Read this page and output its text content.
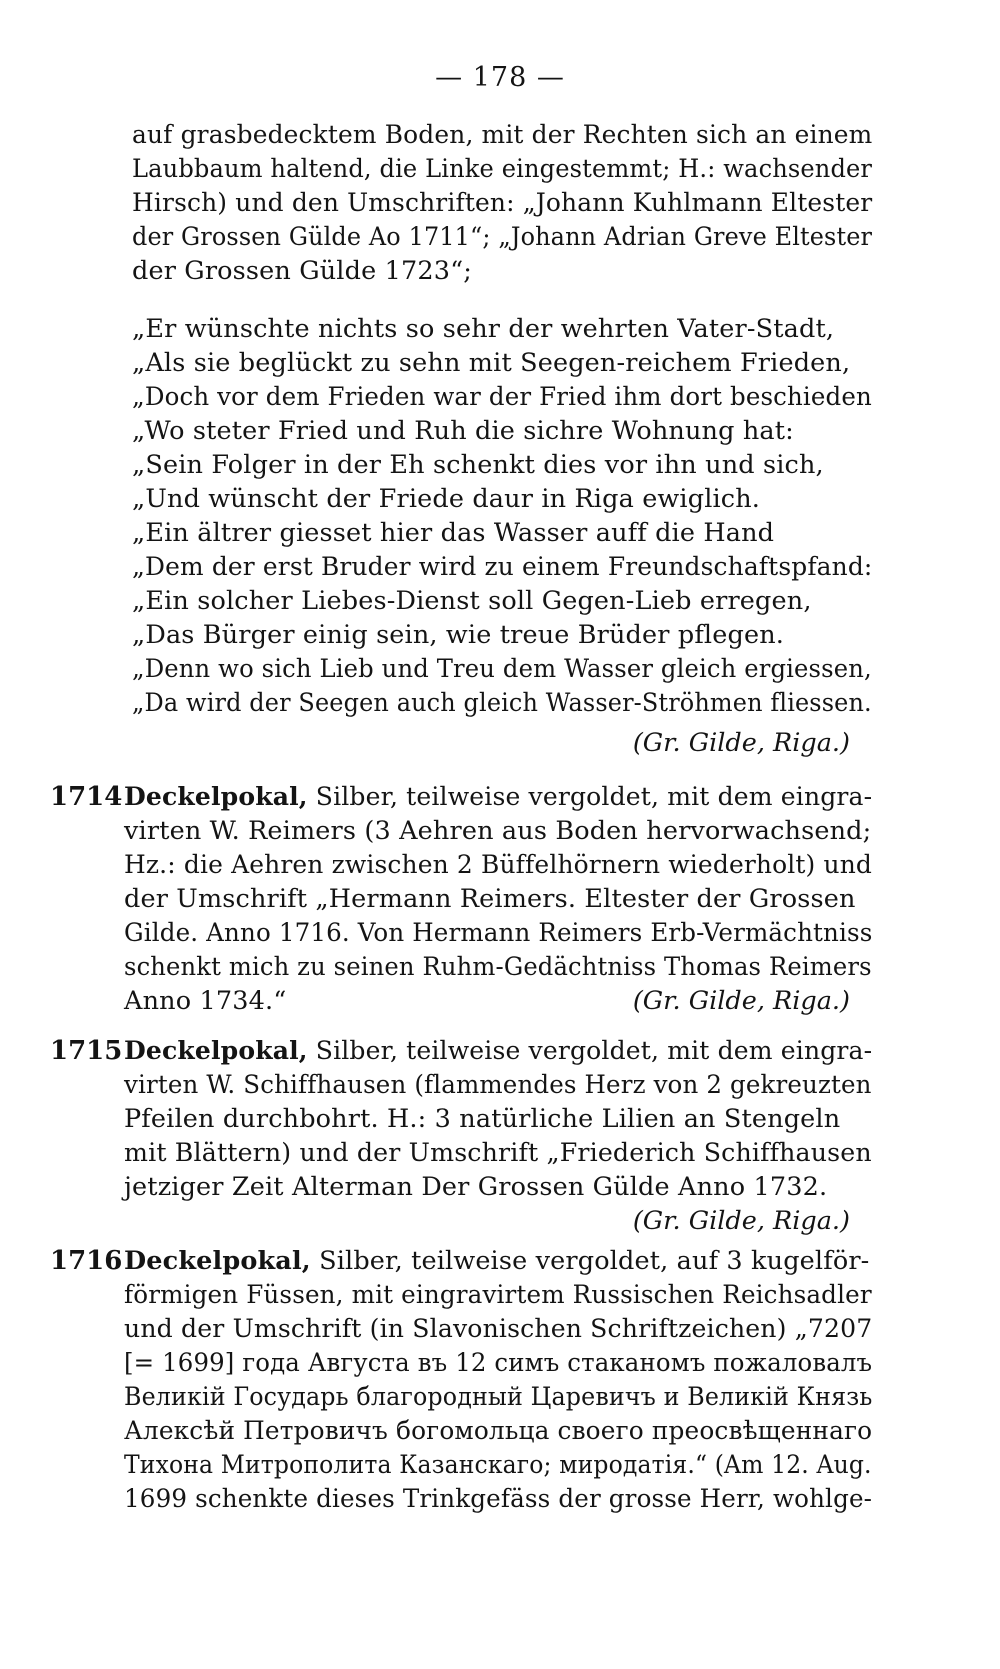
— 178 —
auf grasbedecktem Boden, mit der Rechten sich an einem
Laubbaum haltend, die Linke eingestemmt; H.: wachsender
Hirsch) und den Umschriften: „Johann Kuhlmann Eltester
der Grossen Gülde Ao 1711“; „Johann Adrian Greve Eltester
der Grossen Gülde 1723“;
„Er wünschte nichts so sehr der wehrten Vater-Stadt,
„Als sie beglückt zu sehn mit Seegen-reichem Frieden,
„Doch vor dem Frieden war der Fried ihm dort beschieden
„Wo steter Fried und Ruh die sichre Wohnung hat:
„Sein Folger in der Eh schenkt dies vor ihn und sich,
„Und wünscht der Friede daur in Riga ewiglich.
„Ein ältrer giesset hier das Wasser auff die Hand
„Dem der erst Bruder wird zu einem Freundschaftspfand:
„Ein solcher Liebes-Dienst soll Gegen-Lieb erregen,
„Das Bürger einig sein, wie treue Brüder pflegen.
„Denn wo sich Lieb und Treu dem Wasser gleich ergiessen,
„Da wird der Seegen auch gleich Wasser-Ströhmen fliessen.
(Gr. Gilde, Riga.)
1714 Deckelpokal, Silber, teilweise vergoldet, mit dem eingra-
virten W. Reimers (3 Aehren aus Boden hervorwachsend;
Hz.: die Aehren zwischen 2 Büffelhörnern wiederholt) und
der Umschrift „Hermann Reimers. Eltester der Grossen
Gilde. Anno 1716. Von Hermann Reimers Erb-Vermächtniss
schenkt mich zu seinen Ruhm-Gedächtniss Thomas Reimers
Anno 1734.“	(Gr. Gilde, Riga.)
1715 Deckelpokal, Silber, teilweise vergoldet, mit dem eingra-
virten W. Schiffhausen (flammendes Herz von 2 gekreuzten
Pfeilen durchbohrt. H.: 3 natürliche Lilien an Stengeln
mit Blättern) und der Umschrift „Friederich Schiffhausen
jetziger Zeit Alterman Der Grossen Gülde Anno 1732.
(Gr. Gilde, Riga.)
1716 Deckelpokal, Silber, teilweise vergoldet, auf 3 kugelför-
förmigen Füssen, mit eingravirtem Russischen Reichsadler
und der Umschrift (in Slavonischen Schriftzeichen) „7207
[= 1699] года Августа въ 12 симъ стаканомъ пожаловалъ
Великій Государь благородный Царевичъ и Великій Князь
Алексѣй Петровичъ богомольца своего преосвѣщеннаго
Тихона Митрополита Казанскаго; миродатія.“ (Am 12. Aug.
1699 schenkte dieses Trinkgefäss der grosse Herr, wohlge-
